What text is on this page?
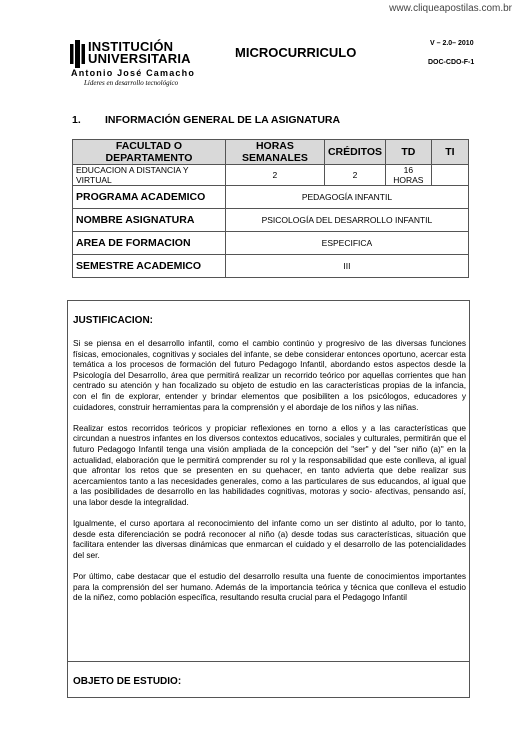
www.cliqueapostilas.com.br
INSTITUCIÓN
UNIVERSITARIA
Antonio José Camacho
Líderes en desarrollo tecnológico
MICROCURRICULO
V – 2.0– 2010
DOC-CDO-F-1
1. INFORMACIÓN GENERAL DE LA ASIGNATURA
FACULTAD O DEPARTAMENTO	HORAS SEMANALES	CRÉDITOS	TD	TI
EDUCACION A DISTANCIA Y VIRTUAL	2	2	16 HORAS	
PROGRAMA ACADEMICO	PEDAGOGÍA INFANTIL			
NOMBRE ASIGNATURA	PSICOLOGÍA DEL DESARROLLO INFANTIL			
AREA DE FORMACION	ESPECIFICA			
SEMESTRE ACADEMICO	III			
JUSTIFICACION:

Si se piensa en el desarrollo infantil, como el cambio continúo y progresivo de las diversas funciones físicas, emocionales, cognitivas y sociales del infante, se debe considerar entonces oportuno, acercar esta temática a los procesos de formación del futuro Pedagogo Infantil, abordando estos aspectos desde la Psicología del Desarrollo, área que permitirá realizar un recorrido teórico por aquellas corrientes que han centrado su atención y han focalizado su objeto de estudio en las características propias de la infancia, con el fin de explorar, entender y brindar elementos que posibiliten a los psicólogos, educadores y cuidadores, construir herramientas para la comprensión y el abordaje de los niños y las niñas.

Realizar estos recorridos teóricos y propiciar reflexiones en torno a ellos y a las características que circundan a nuestros infantes en los diversos contextos educativos, sociales y culturales, permitirán que el futuro Pedagogo Infantil tenga una visión ampliada de la concepción del "ser" y del "ser niño (a)" en la actualidad, elaboración que le permitirá comprender su rol y la responsabilidad que este conlleva, al igual que afrontar los retos que se presenten en su quehacer, en tanto advierta que debe realizar sus acercamientos tanto a las necesidades generales, como a las particulares de sus educandos, al igual que a las posibilidades de desarrollo en las habilidades cognitivas, motoras y socio- afectivas, pensando así, una labor desde la integralidad.

Igualmente, el curso aportara al reconocimiento del infante como un ser distinto al adulto, por lo tanto, desde esta diferenciación se podrá reconocer al niño (a) desde todas sus características, situación que facilitara entender las diversas dinámicas que enmarcan el cuidado y el desarrollo de las potencialidades del ser.

Por último, cabe destacar que el estudio del desarrollo resulta una fuente de conocimientos importantes para la comprensión del ser humano. Además de la importancia teórica y técnica que conlleva el estudio de la niñez, como población específica, resultando resulta crucial para el Pedagogo Infantil

OBJETO DE ESTUDIO:
